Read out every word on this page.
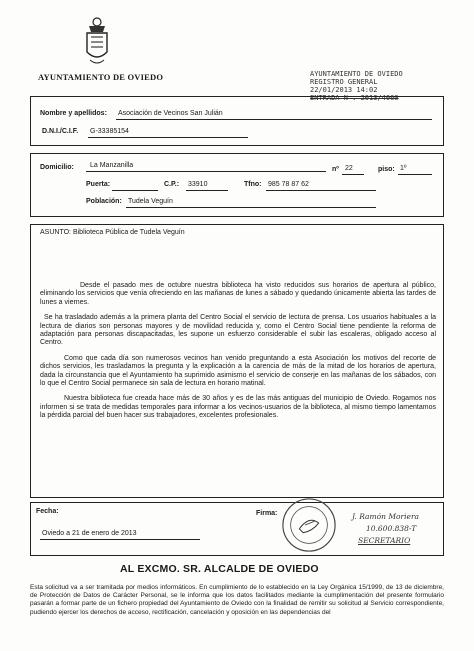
AYUNTAMIENTO DE OVIEDO	AYUNTAMIENTO DE OVIEDO
REGISTRO GENERAL
22/01/2013 14:02
ENTRADA N . 2013/4060
Nombre y apellidos: Asociación de Vecinos San Julián
D.N.I./C.I.F. G-33385154
Domicilio: La Manzanilla
nº 22	piso: 1º
Puerta:	C.P.: 33910	Tfno: 985 78 87 62
Población: Tudela Veguín
ASUNTO: Biblioteca Pública de Tudela Veguín

Desde el pasado mes de octubre nuestra biblioteca ha visto reducidos sus horarios de apertura al público, eliminando los servicios que venía ofreciendo en las mañanas de lunes a sábado y quedando únicamente abierta las tardes de lunes a viernes.

Se ha trasladado además a la primera planta del Centro Social el servicio de lectura de prensa. Los usuarios habituales a la lectura de diarios son personas mayores y de movilidad reducida y, como el Centro Social tiene pendiente la reforma de adaptación para personas discapacitadas, les supone un esfuerzo considerable el subir las escaleras, obligado acceso al Centro.

Como que cada día son numerosos vecinos han venido preguntando a esta Asociación los motivos del recorte de dichos servicios, les trasladamos la pregunta y la explicación a la carencia de más de la mitad de los horarios de apertura, dada la circunstancia que el Ayuntamiento ha suprimido asimismo el servicio de conserje en las mañanas de los sábados, con lo que el Centro Social permanece sin sala de lectura en horario matinal.

Nuestra biblioteca fue creada hace más de 30 años y es de las más antiguas del municipio de Oviedo. Rogamos nos informen si se trata de medidas temporales para informar a los vecinos-usuarios de la biblioteca, al mismo tiempo lamentamos la pérdida parcial del buen hacer sus trabajadores, excelentes profesionales.

Fecha:
Oviedo a 21 de enero de 2013
Firma:	J. Ramón Moriera
10.600.838-T
SECRETARIO
AL EXCMO. SR. ALCALDE DE OVIEDO
Esta solicitud va a ser tramitada por medios informáticos. En cumplimiento de lo establecido en la Ley Orgánica 15/1999, de 13 de diciembre, de Protección de Datos de Carácter Personal, se le informa que los datos facilitados mediante la cumplimentación del presente formulario pasarán a formar parte de un fichero propiedad del Ayuntamiento de Oviedo con la finalidad de remitir su solicitud al Servicio correspondiente, pudiendo ejercer los derechos de acceso, rectificación, cancelación y oposición en las dependencias del
